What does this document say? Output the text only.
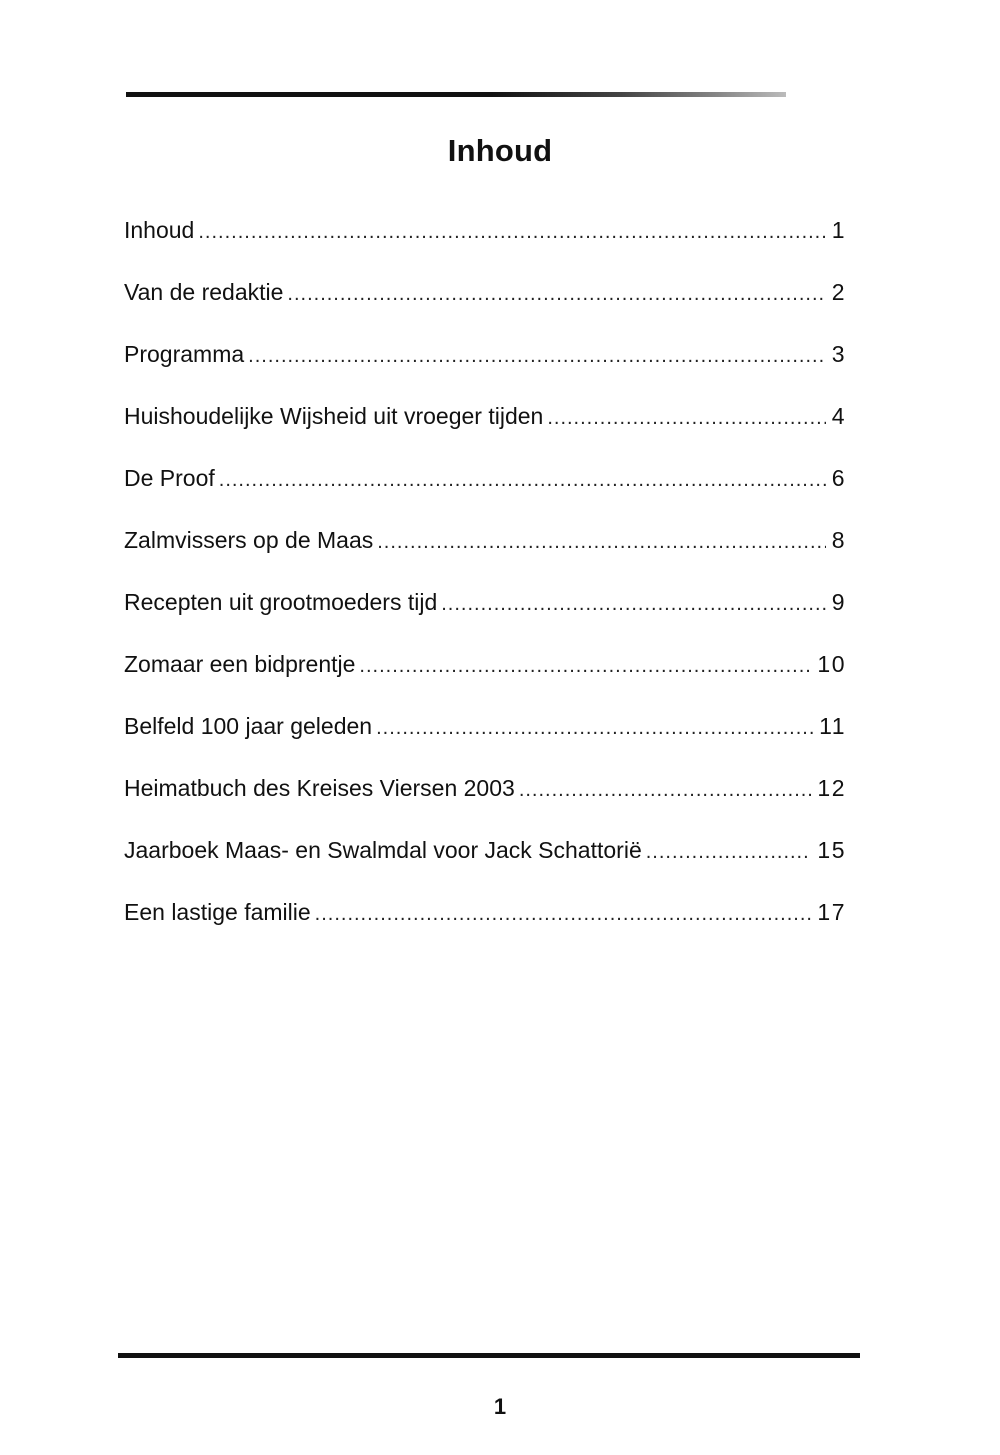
Inhoud
Inhoud .....	1
Van de redaktie .....	2
Programma .....	3
Huishoudelijke Wijsheid uit vroeger tijden .....	4
De Proof .....	6
Zalmvissers op de Maas .....	8
Recepten uit grootmoeders tijd .....	9
Zomaar een bidprentje .....	10
Belfeld 100 jaar geleden .....	11
Heimatbuch des Kreises Viersen 2003 .....	12
Jaarboek Maas- en Swalmdal voor Jack Schattorië .....	15
Een lastige familie .....	17
1
